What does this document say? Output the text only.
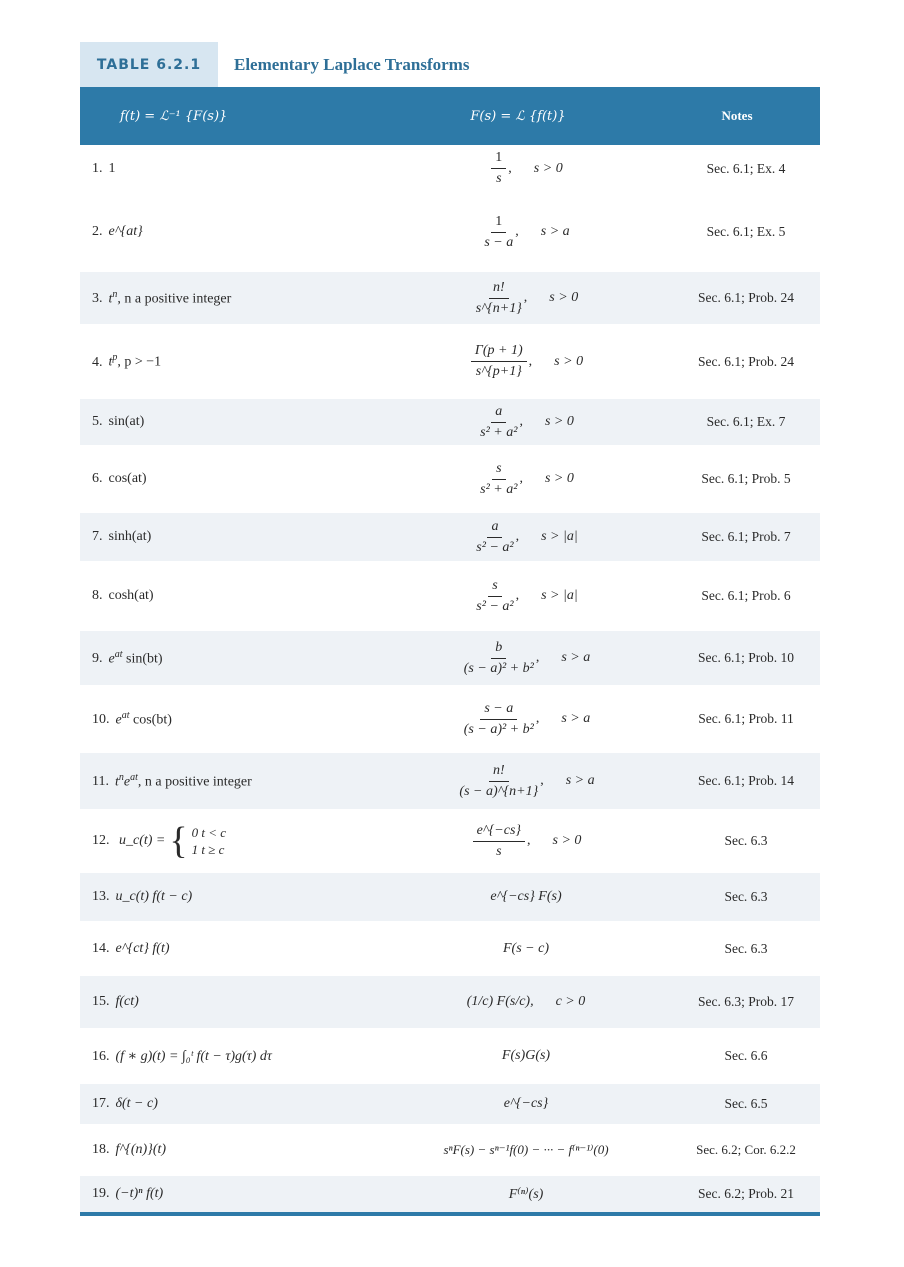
TABLE 6.2.1	Elementary Laplace Transforms
f(t) = ℒ⁻¹ {F(s)}	F(s) = ℒ {f(t)}	Notes
1. 1	$\frac{1}{s}$ , s > 0	Sec. 6.1; Ex. 4
2. e^{at}	$\frac{1}{s - a}$ , s > a	Sec. 6.1; Ex. 5
3. $t^n$, n a positive integer	$\frac{n!}{s\^{}\{n+1\}}$ , s > 0	Sec. 6.1; Prob. 24
4. $t^p$, p > −1	$\frac{\Gamma(p + 1)}{s\^{}\{p+1\}}$ , s > 0	Sec. 6.1; Prob. 24
5. sin(at)	$\frac{a}{\text{s² + a²}}$ , s > 0	Sec. 6.1; Ex. 7
6. cos(at)	$\frac{s}{\text{s² + a²}}$ , s > 0	Sec. 6.1; Prob. 5
7. sinh(at)	$\frac{a}{\text{s² − a²}}$ , s > |a|	Sec. 6.1; Prob. 7
8. cosh(at)	$\frac{s}{\text{s² − a²}}$ , s > |a|	Sec. 6.1; Prob. 6
9. $e^{at}$ sin(bt)	$\frac{b}{\text{(s − a)² + b²}}$ , s > a	Sec. 6.1; Prob. 10
10. $e^{at}$ cos(bt)	$\frac{s - a}{\text{(s − a)² + b²}}$ , s > a	Sec. 6.1; Prob. 11
11. $t^ne^{at}$, n a positive integer	$\frac{n!}{(s - a)\^{}\{n+1\}}$ , s > a	Sec. 6.1; Prob. 14
12. u_c(t) = { 0 t < c
1 t ≥ c	$\frac{e\^{}\{-cs\}}{s}$ , s > 0	Sec. 6.3
13. u_c(t) f(t − c)	e^{−cs} F(s)	Sec. 6.3
14. e^{ct} f(t)	F(s − c)	Sec. 6.3
15. f(ct)	(1/c) F(s/c), c > 0	Sec. 6.3; Prob. 17
16. (f ∗ g)(t) = ∫₀ᵗ f(t − τ)g(τ) dτ	F(s)G(s)	Sec. 6.6
17. δ(t − c)	e^{−cs}	Sec. 6.5
18. f^{(n)}(t)	sⁿF(s) − sⁿ⁻¹f(0) − ··· − f⁽ⁿ⁻¹⁾(0)	Sec. 6.2; Cor. 6.2.2
19. (−t)ⁿ f(t)	F⁽ⁿ⁾(s)	Sec. 6.2; Prob. 21
